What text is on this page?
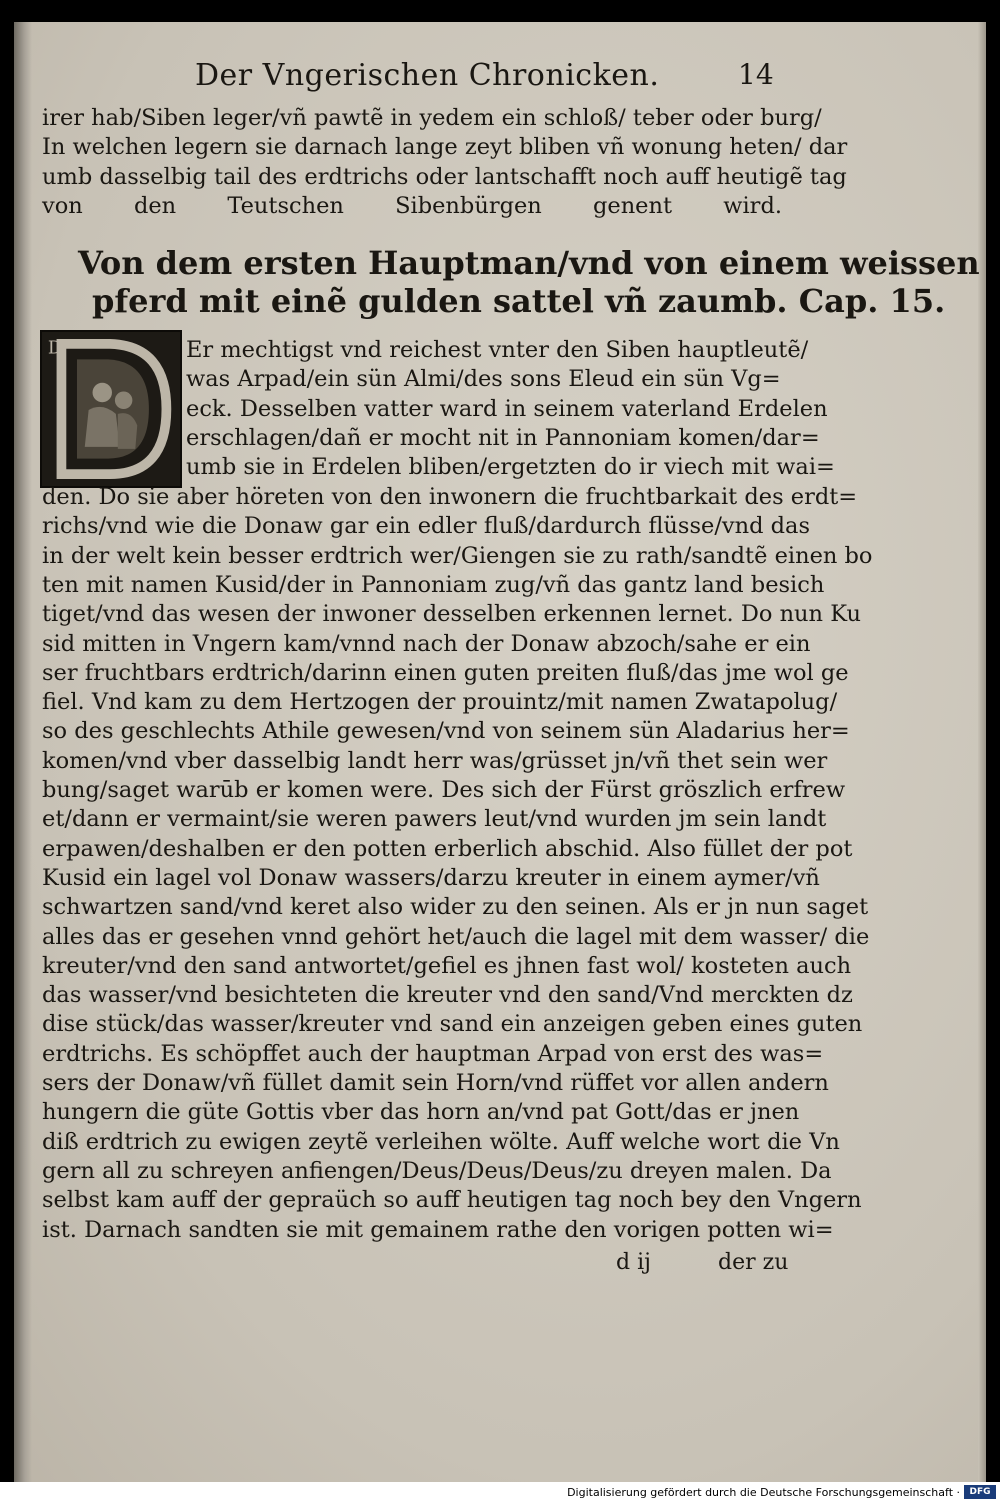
Der Vngerischen Chronicken.	14
irer hab/Siben leger/vñ pawtẽ in yedem ein schloß/ teber oder burg/
In welchen legern sie darnach lange zeyt bliben vñ wonung heten/ dar
umb dasselbig tail des erdtrichs oder lantschafft noch auff heutigẽ tag
von den Teutschen Sibenbürgen genent wird.
Von dem ersten Hauptman/vnd von einem weissen
pferd mit einẽ gulden sattel vñ zaumb. Cap. 15.
D	Er mechtigst vnd reichest vnter den Siben hauptleutẽ/
was Arpad/ein sün Almi/des sons Eleud ein sün Vg=
eck. Desselben vatter ward in seinem vaterland Erdelen
erschlagen/dañ er mocht nit in Pannoniam komen/dar=
umb sie in Erdelen bliben/ergetzten do ir viech mit wai=
den. Do sie aber höreten von den inwonern die fruchtbarkait des erdt=
richs/vnd wie die Donaw gar ein edler fluß/dardurch flüsse/vnd das
in der welt kein besser erdtrich wer/Giengen sie zu rath/sandtẽ einen bo
ten mit namen Kusid/der in Pannoniam zug/vñ das gantz land besich
tiget/vnd das wesen der inwoner desselben erkennen lernet. Do nun Ku
sid mitten in Vngern kam/vnnd nach der Donaw abzoch/sahe er ein
ser fruchtbars erdtrich/darinn einen guten preiten fluß/das jme wol ge
fiel. Vnd kam zu dem Hertzogen der prouintz/mit namen Zwatapolug/
so des geschlechts Athile gewesen/vnd von seinem sün Aladarius her=
komen/vnd vber dasselbig landt herr was/grüsset jn/vñ thet sein wer
bung/saget warūb er komen were. Des sich der Fürst gröszlich erfrew
et/dann er vermaint/sie weren pawers leut/vnd wurden jm sein landt
erpawen/deshalben er den potten erberlich abschid. Also füllet der pot
Kusid ein lagel vol Donaw wassers/darzu kreuter in einem aymer/vñ
schwartzen sand/vnd keret also wider zu den seinen. Als er jn nun saget
alles das er gesehen vnnd gehört het/auch die lagel mit dem wasser/ die
kreuter/vnd den sand antwortet/gefiel es jhnen fast wol/ kosteten auch
das wasser/vnd besichteten die kreuter vnd den sand/Vnd merckten dz
dise stück/das wasser/kreuter vnd sand ein anzeigen geben eines guten
erdtrichs. Es schöpffet auch der hauptman Arpad von erst des was=
sers der Donaw/vñ füllet damit sein Horn/vnd rüffet vor allen andern
hungern die güte Gottis vber das horn an/vnd pat Gott/das er jnen
diß erdtrich zu ewigen zeytẽ verleihen wölte. Auff welche wort die Vn
gern all zu schreyen anfiengen/Deus/Deus/Deus/zu dreyen malen. Da
selbst kam auff der gepraüch so auff heutigen tag noch bey den Vngern
ist. Darnach sandten sie mit gemainem rathe den vorigen potten wi=
d ij	der zu
Digitalisierung gefördert durch die Deutsche Forschungsgemeinschaft ·	DFG
